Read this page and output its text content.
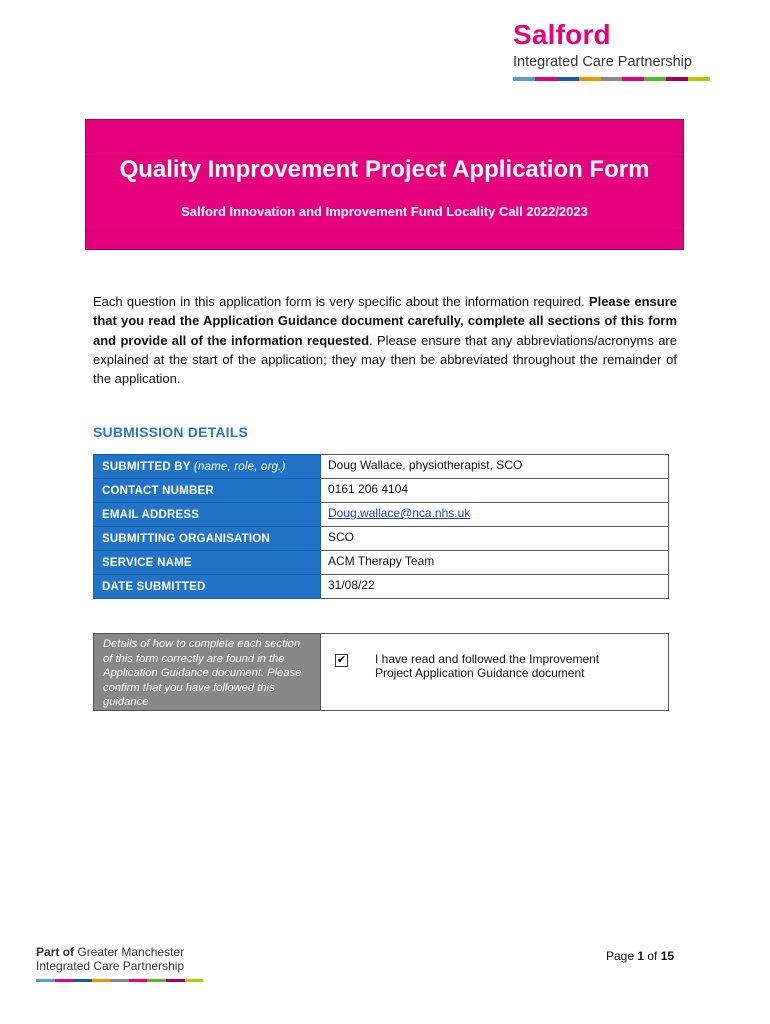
Salford
Integrated Care Partnership
Quality Improvement Project Application Form
Salford Innovation and Improvement Fund Locality Call 2022/2023
Each question in this application form is very specific about the information required. Please ensure that you read the Application Guidance document carefully, complete all sections of this form and provide all of the information requested. Please ensure that any abbreviations/acronyms are explained at the start of the application; they may then be abbreviated throughout the remainder of the application.
SUBMISSION DETAILS
SUBMITTED BY (name, role, org.)	Doug Wallace, physiotherapist, SCO
CONTACT NUMBER	0161 206 4104
EMAIL ADDRESS	Doug.wallace@nca.nhs.uk
SUBMITTING ORGANISATION	SCO
SERVICE NAME	ACM Therapy Team
DATE SUBMITTED	31/08/22
Details of how to complete each section of this form correctly are found in the Application Guidance document. Please confirm that you have followed this guidance	
✔ I have read and followed the Improvement Project Application Guidance document
Part of Greater Manchester
Integrated Care Partnership
Page 1 of 15
